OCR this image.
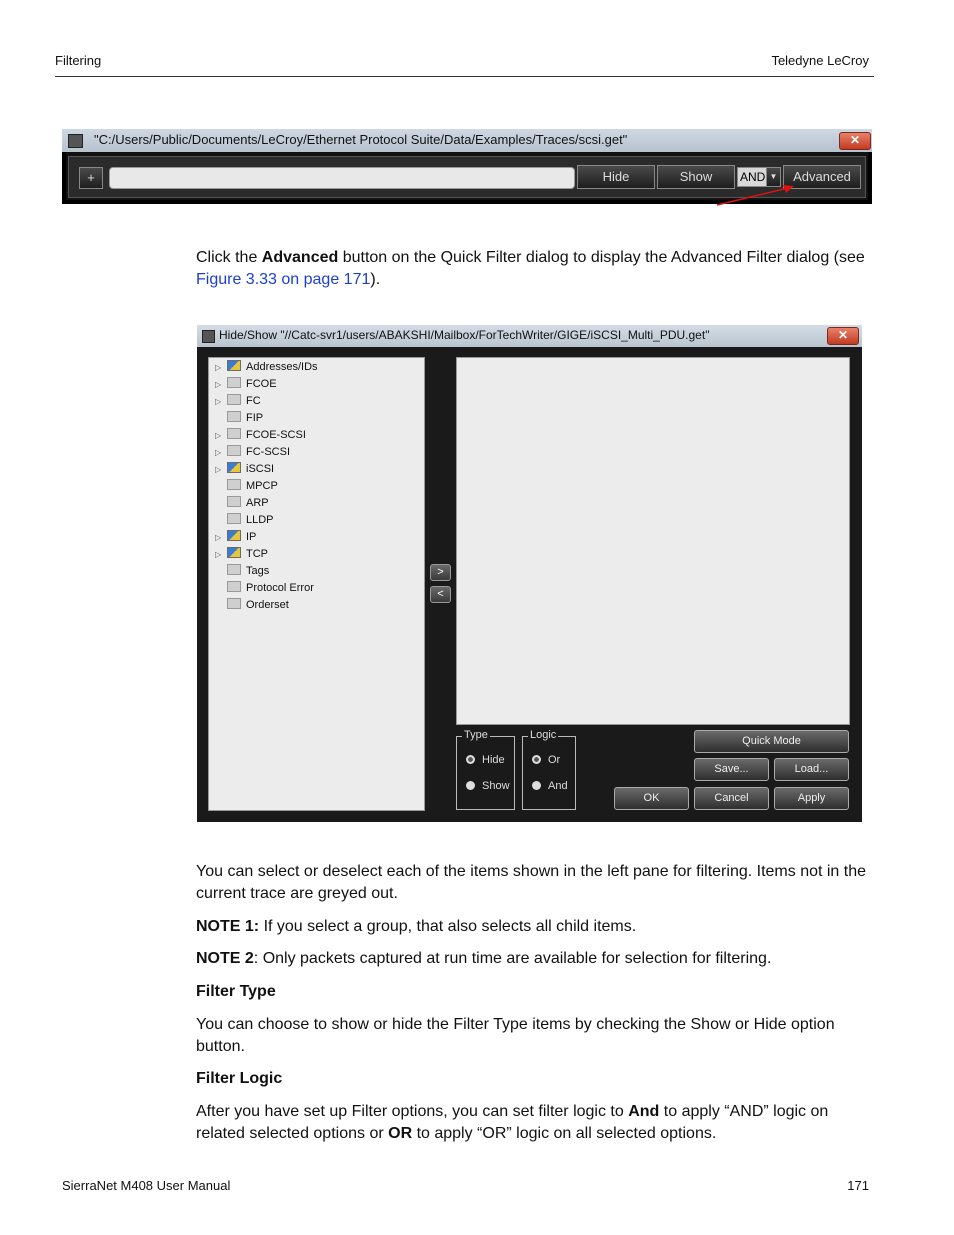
Filtering	Teledyne LeCroy
"C:/Users/Public/Documents/LeCroy/Ethernet Protocol Suite/Data/Examples/Traces/scsi.get"	✕
+	Hide	Show	AND ▼	Advanced
Click the Advanced button on the Quick Filter dialog to display the Advanced Filter dialog (see Figure 3.33 on page 171).
Hide/Show "//Catc-svr1/users/ABAKSHI/Mailbox/ForTechWriter/GIGE/iSCSI_Multi_PDU.get"	✕
▷ Addresses/IDs
▷ FCOE
▷ FC
FIP
▷ FCOE-SCSI
▷ FC-SCSI
▷ iSCSI
MPCP
ARP
LLDP
▷ IP
▷ TCP
Tags
Protocol Error
Orderset
>
<
Type
Hide
Show
Logic
Or
And
Quick Mode
Save...	Load...
OK	Cancel	Apply
You can select or deselect each of the items shown in the left pane for filtering. Items not in the current trace are greyed out.
NOTE 1: If you select a group, that also selects all child items.
NOTE 2: Only packets captured at run time are available for selection for filtering.
Filter Type
You can choose to show or hide the Filter Type items by checking the Show or Hide option button.
Filter Logic
After you have set up Filter options, you can set filter logic to And to apply “AND” logic on related selected options or OR to apply “OR” logic on all selected options.
SierraNet M408 User Manual	171
